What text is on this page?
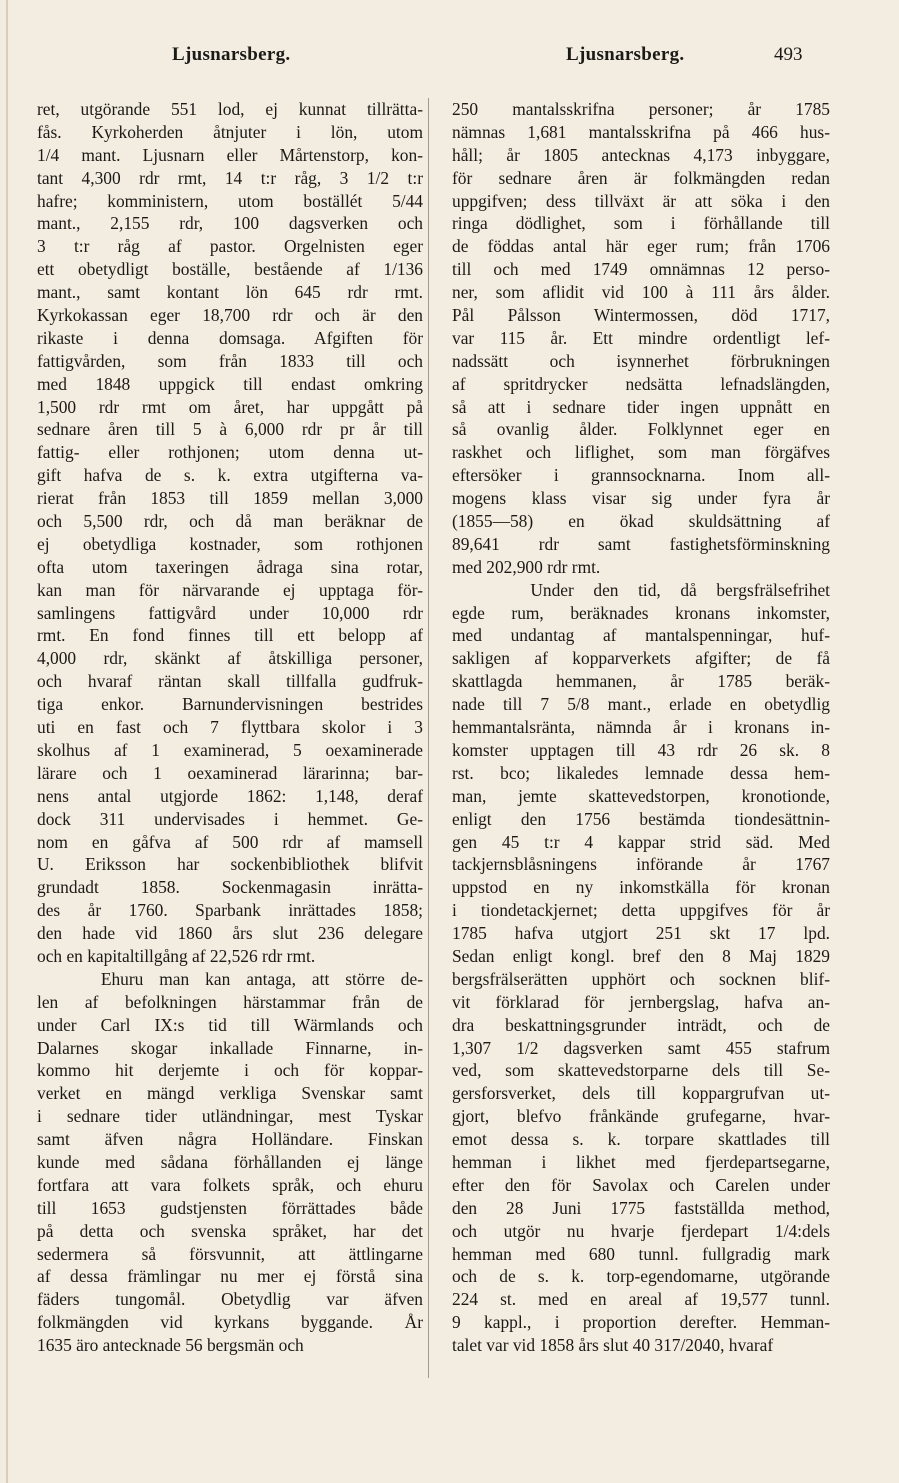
Ljusnarsberg.	Ljusnarsberg.	493
ret, utgörande 551 lod, ej kunnat tillrätta-
fås. Kyrkoherden åtnjuter i lön, utom
1/4 mant. Ljusnarn eller Mårtenstorp, kon-
tant 4,300 rdr rmt, 14 t:r råg, 3 1/2 t:r
hafre; komministern, utom boställét 5/44
mant., 2,155 rdr, 100 dagsverken och
3 t:r råg af pastor. Orgelnisten eger
ett obetydligt boställe, bestående af 1/136
mant., samt kontant lön 645 rdr rmt.
Kyrkokassan eger 18,700 rdr och är den
rikaste i denna domsaga. Afgiften för
fattigvården, som från 1833 till och
med 1848 uppgick till endast omkring
1,500 rdr rmt om året, har uppgått på
sednare åren till 5 à 6,000 rdr pr år till
fattig- eller rothjonen; utom denna ut-
gift hafva de s. k. extra utgifterna va-
rierat från 1853 till 1859 mellan 3,000
och 5,500 rdr, och då man beräknar de
ej obetydliga kostnader, som rothjonen
ofta utom taxeringen ådraga sina rotar,
kan man för närvarande ej upptaga för-
samlingens fattigvård under 10,000 rdr
rmt. En fond finnes till ett belopp af
4,000 rdr, skänkt af åtskilliga personer,
och hvaraf räntan skall tillfalla gudfruk-
tiga enkor. Barnundervisningen bestrides
uti en fast och 7 flyttbara skolor i 3
skolhus af 1 examinerad, 5 oexaminerade
lärare och 1 oexaminerad lärarinna; bar-
nens antal utgjorde 1862: 1,148, deraf
dock 311 undervisades i hemmet. Ge-
nom en gåfva af 500 rdr af mamsell
U. Eriksson har sockenbibliothek blifvit
grundadt 1858. Sockenmagasin inrätta-
des år 1760. Sparbank inrättades 1858;
den hade vid 1860 års slut 236 delegare
och en kapitaltillgång af 22,526 rdr rmt.
Ehuru man kan antaga, att större de-
len af befolkningen härstammar från de
under Carl IX:s tid till Wärmlands och
Dalarnes skogar inkallade Finnarne, in-
kommo hit derjemte i och för koppar-
verket en mängd verkliga Svenskar samt
i sednare tider utländningar, mest Tyskar
samt äfven några Holländare. Finskan
kunde med sådana förhållanden ej länge
fortfara att vara folkets språk, och ehuru
till 1653 gudstjensten förrättades både
på detta och svenska språket, har det
sedermera så försvunnit, att ättlingarne
af dessa främlingar nu mer ej förstå sina
fäders tungomål. Obetydlig var äfven
folkmängden vid kyrkans byggande. År
1635 äro antecknade 56 bergsmän och
250 mantalsskrifna personer; år 1785
nämnas 1,681 mantalsskrifna på 466 hus-
håll; år 1805 antecknas 4,173 inbyggare,
för sednare åren är folkmängden redan
uppgifven; dess tillväxt är att söka i den
ringa dödlighet, som i förhållande till
de föddas antal här eger rum; från 1706
till och med 1749 omnämnas 12 perso-
ner, som aflidit vid 100 à 111 års ålder.
Pål Pålsson Wintermossen, död 1717,
var 115 år. Ett mindre ordentligt lef-
nadssätt och isynnerhet förbrukningen
af spritdrycker nedsätta lefnadslängden,
så att i sednare tider ingen uppnått en
så ovanlig ålder. Folklynnet eger en
raskhet och liflighet, som man förgäfves
eftersöker i grannsocknarna. Inom all-
mogens klass visar sig under fyra år
(1855—58) en ökad skuldsättning af
89,641 rdr samt fastighetsförminskning
med 202,900 rdr rmt.
Under den tid, då bergsfrälsefrihet
egde rum, beräknades kronans inkomster,
med undantag af mantalspenningar, huf-
sakligen af kopparverkets afgifter; de få
skattlagda hemmanen, år 1785 beräk-
nade till 7 5/8 mant., erlade en obetydlig
hemmantalsränta, nämnda år i kronans in-
komster upptagen till 43 rdr 26 sk. 8
rst. bco; likaledes lemnade dessa hem-
man, jemte skattevedstorpen, kronotionde,
enligt den 1756 bestämda tiondesättnin-
gen 45 t:r 4 kappar strid säd. Med
tackjernsblåsningens införande år 1767
uppstod en ny inkomstkälla för kronan
i tiondetackjernet; detta uppgifves för år
1785 hafva utgjort 251 skt 17 lpd.
Sedan enligt kongl. bref den 8 Maj 1829
bergsfrälserätten upphört och socknen blif-
vit förklarad för jernbergslag, hafva an-
dra beskattningsgrunder inträdt, och de
1,307 1/2 dagsverken samt 455 stafrum
ved, som skattevedstorparne dels till Se-
gersforsverket, dels till koppargrufvan ut-
gjort, blefvo frånkände grufegarne, hvar-
emot dessa s. k. torpare skattlades till
hemman i likhet med fjerdepartsegarne,
efter den för Savolax och Carelen under
den 28 Juni 1775 fastställda method,
och utgör nu hvarje fjerdepart 1/4:dels
hemman med 680 tunnl. fullgradig mark
och de s. k. torp-egendomarne, utgörande
224 st. med en areal af 19,577 tunnl.
9 kappl., i proportion derefter. Hemman-
talet var vid 1858 års slut 40 317/2040, hvaraf
